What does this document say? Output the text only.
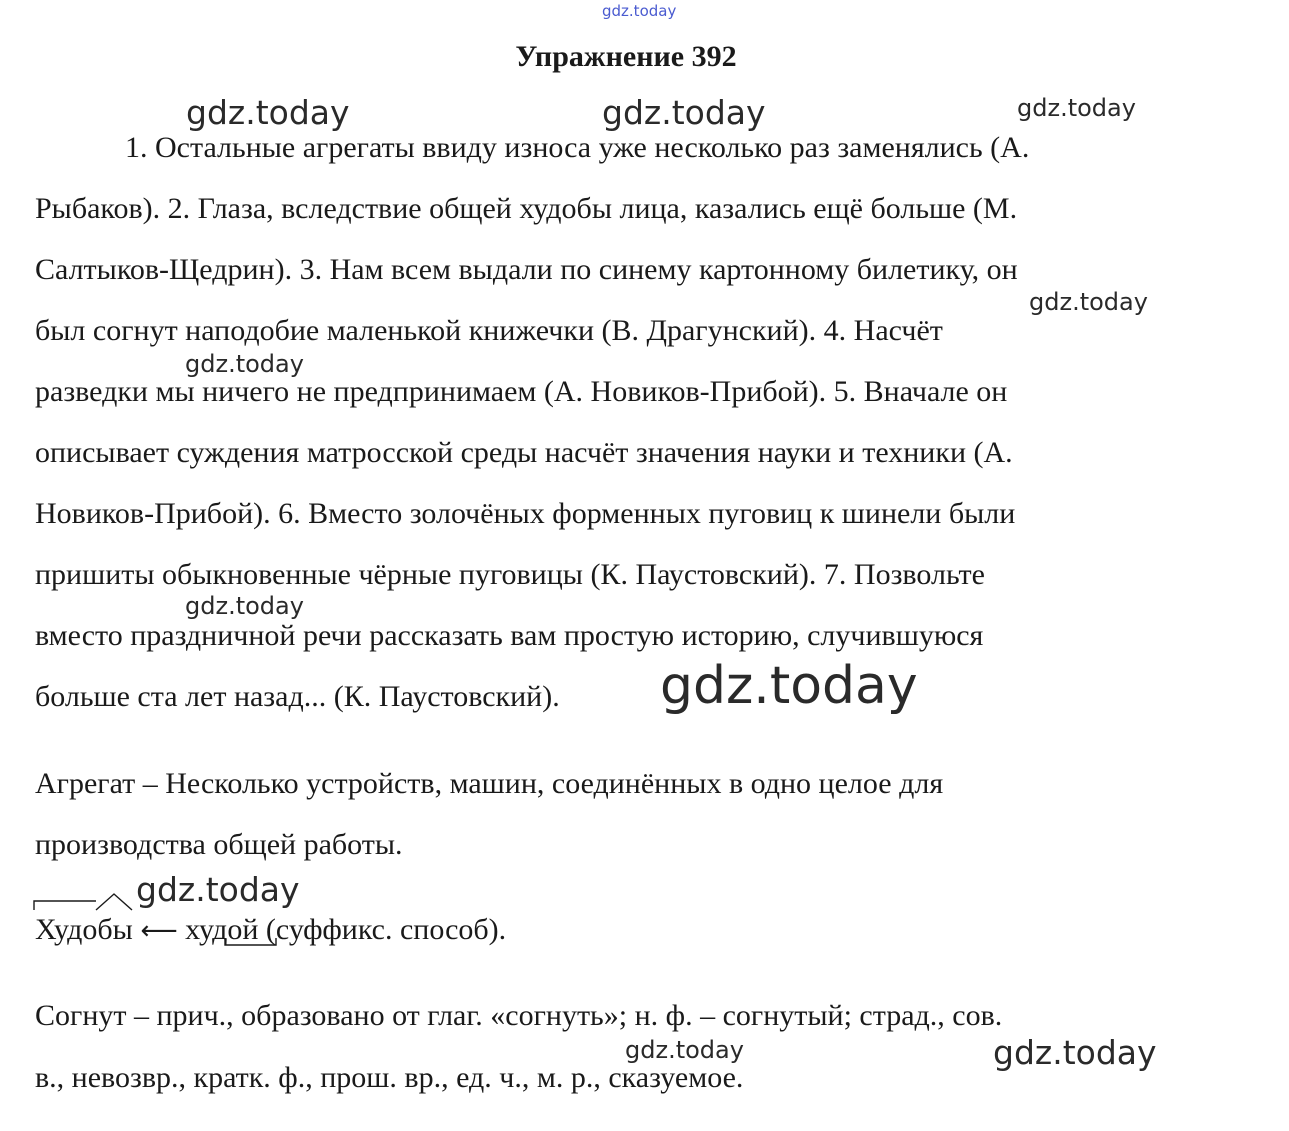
gdz.today
Упражнение 392
gdz.today	gdz.today	gdz.today
1. Остальные агрегаты ввиду износа уже несколько раз заменялись (А.
Рыбаков). 2. Глаза, вследствие общей худобы лица, казались ещё больше (М.
Салтыков-Щедрин). 3. Нам всем выдали по синему картонному билетику, он
gdz.today
был согнут наподобие маленькой книжечки (В. Драгунский). 4. Насчёт
gdz.today
разведки мы ничего не предпринимаем (А. Новиков-Прибой). 5. Вначале он
описывает суждения матросской среды насчёт значения науки и техники (А.
Новиков-Прибой). 6. Вместо золочёных форменных пуговиц к шинели были
пришиты обыкновенные чёрные пуговицы (К. Паустовский). 7. Позвольте
gdz.today
вместо праздничной речи рассказать вам простую историю, случившуюся
больше ста лет назад... (К. Паустовский). gdz.today
Агрегат – Несколько устройств, машин, соединённых в одно целое для
производства общей работы.
gdz.today
Худобы ⟵ худой (суффикс. способ).
Согнут – прич., образовано от глаг. «согнуть»; н. ф. – согнутый; страд., сов.
gdz.today	gdz.today
в., невозвр., кратк. ф., прош. вр., ед. ч., м. р., сказуемое.
